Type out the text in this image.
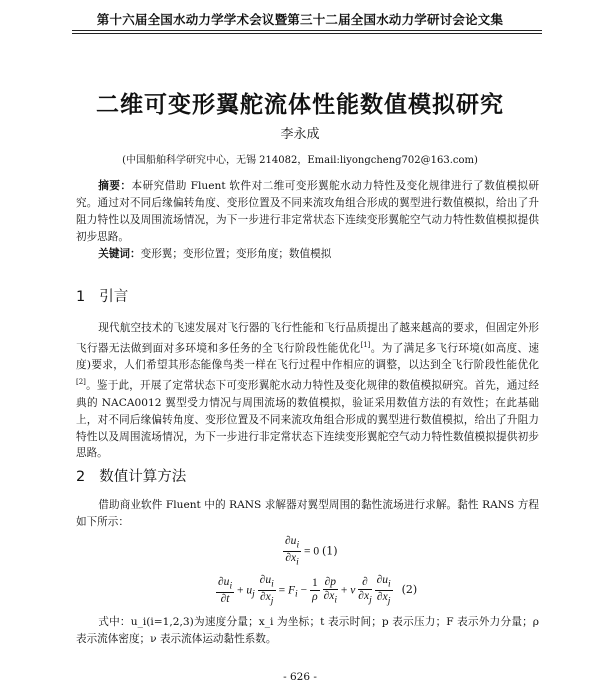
第十六届全国水动力学学术会议暨第三十二届全国水动力学研讨会论文集
二维可变形翼舵流体性能数值模拟研究
李永成
(中国船舶科学研究中心，无锡 214082，Email:liyongcheng702@163.com)
摘要：本研究借助 Fluent 软件对二维可变形翼舵水动力特性及变化规律进行了数值模拟研究。通过对不同后缘偏转角度、变形位置及不同来流攻角组合形成的翼型进行数值模拟，给出了升阻力特性以及周围流场情况，为下一步进行非定常状态下连续变形翼舵空气动力特性数值模拟提供初步思路。
关键词：变形翼；变形位置；变形角度；数值模拟
1 引言
现代航空技术的飞速发展对飞行器的飞行性能和飞行品质提出了越来越高的要求，但固定外形飞行器无法做到面对多环境和多任务的全飞行阶段性能优化[1]。为了满足多飞行环境(如高度、速度)要求，人们希望其形态能像鸟类一样在飞行过程中作相应的调整，以达到全飞行阶段性能优化[2]。鉴于此，开展了定常状态下可变形翼舵水动力特性及变化规律的数值模拟研究。首先，通过经典的 NACA0012 翼型受力情况与周围流场的数值模拟，验证采用数值方法的有效性；在此基础上，对不同后缘偏转角度、变形位置及不同来流攻角组合形成的翼型进行数值模拟，给出了升阻力特性以及周围流场情况，为下一步进行非定常状态下连续变形翼舵空气动力特性数值模拟提供初步思路。
2 数值计算方法
借助商业软件 Fluent 中的 RANS 求解器对翼型周围的黏性流场进行求解。黏性 RANS 方程如下所示：
$\frac{\partial u_i}{\partial x_i} = 0$ (1)
$\frac{\partial u_i}{\partial t} + u_j \frac{\partial u_i}{\partial x_j} = F_i - \frac{1}{\rho}$
$\frac{\partial p}{\partial x_i} + \nu \frac{\partial}{\partial x_j}$
$\frac{\partial u_i}{\partial x_j} (2)$
式中：u_i(i=1,2,3)为速度分量；x_i 为坐标；t 表示时间；p 表示压力；F 表示外力分量；ρ 表示流体密度；ν 表示流体运动黏性系数。
- 626 -
